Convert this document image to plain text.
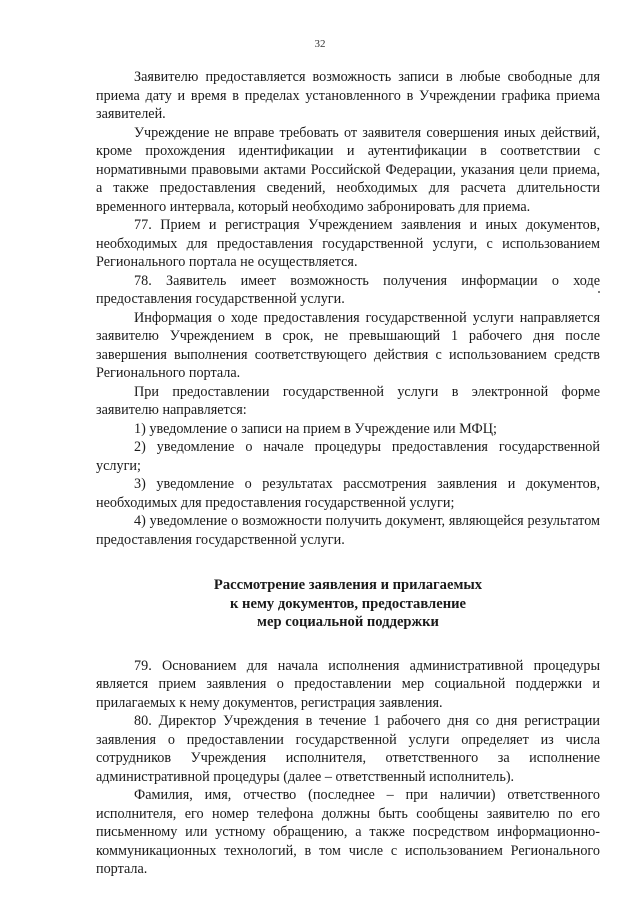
32

Заявителю предоставляется возможность записи в любые свободные для приема дату и время в пределах установленного в Учреждении графика приема заявителей.

Учреждение не вправе требовать от заявителя совершения иных действий, кроме прохождения идентификации и аутентификации в соответствии с нормативными правовыми актами Российской Федерации, указания цели приема, а также предоставления сведений, необходимых для расчета длительности временного интервала, который необходимо забронировать для приема.

77. Прием и регистрация Учреждением заявления и иных документов, необходимых для предоставления государственной услуги, с использованием Регионального портала не осуществляется.

78. Заявитель имеет возможность получения информации о ходе предоставления государственной услуги.

Информация о ходе предоставления государственной услуги направляется заявителю Учреждением в срок, не превышающий 1 рабочего дня после завершения выполнения соответствующего действия с использованием средств Регионального портала.

При предоставлении государственной услуги в электронной форме заявителю направляется:

1) уведомление о записи на прием в Учреждение или МФЦ;

2) уведомление о начале процедуры предоставления государственной услуги;

3) уведомление о результатах рассмотрения заявления и документов, необходимых для предоставления государственной услуги;

4) уведомление о возможности получить документ, являющейся результатом предоставления государственной услуги.

Рассмотрение заявления и прилагаемых
к нему документов, предоставление
мер социальной поддержки

79. Основанием для начала исполнения административной процедуры является прием заявления о предоставлении мер социальной поддержки и прилагаемых к нему документов, регистрация заявления.

80. Директор Учреждения в течение 1 рабочего дня со дня регистрации заявления о предоставлении государственной услуги определяет из числа сотрудников Учреждения исполнителя, ответственного за исполнение административной процедуры (далее – ответственный исполнитель).

Фамилия, имя, отчество (последнее – при наличии) ответственного исполнителя, его номер телефона должны быть сообщены заявителю по его письменному или устному обращению, а также посредством информационно-коммуникационных технологий, в том числе с использованием Регионального портала.
